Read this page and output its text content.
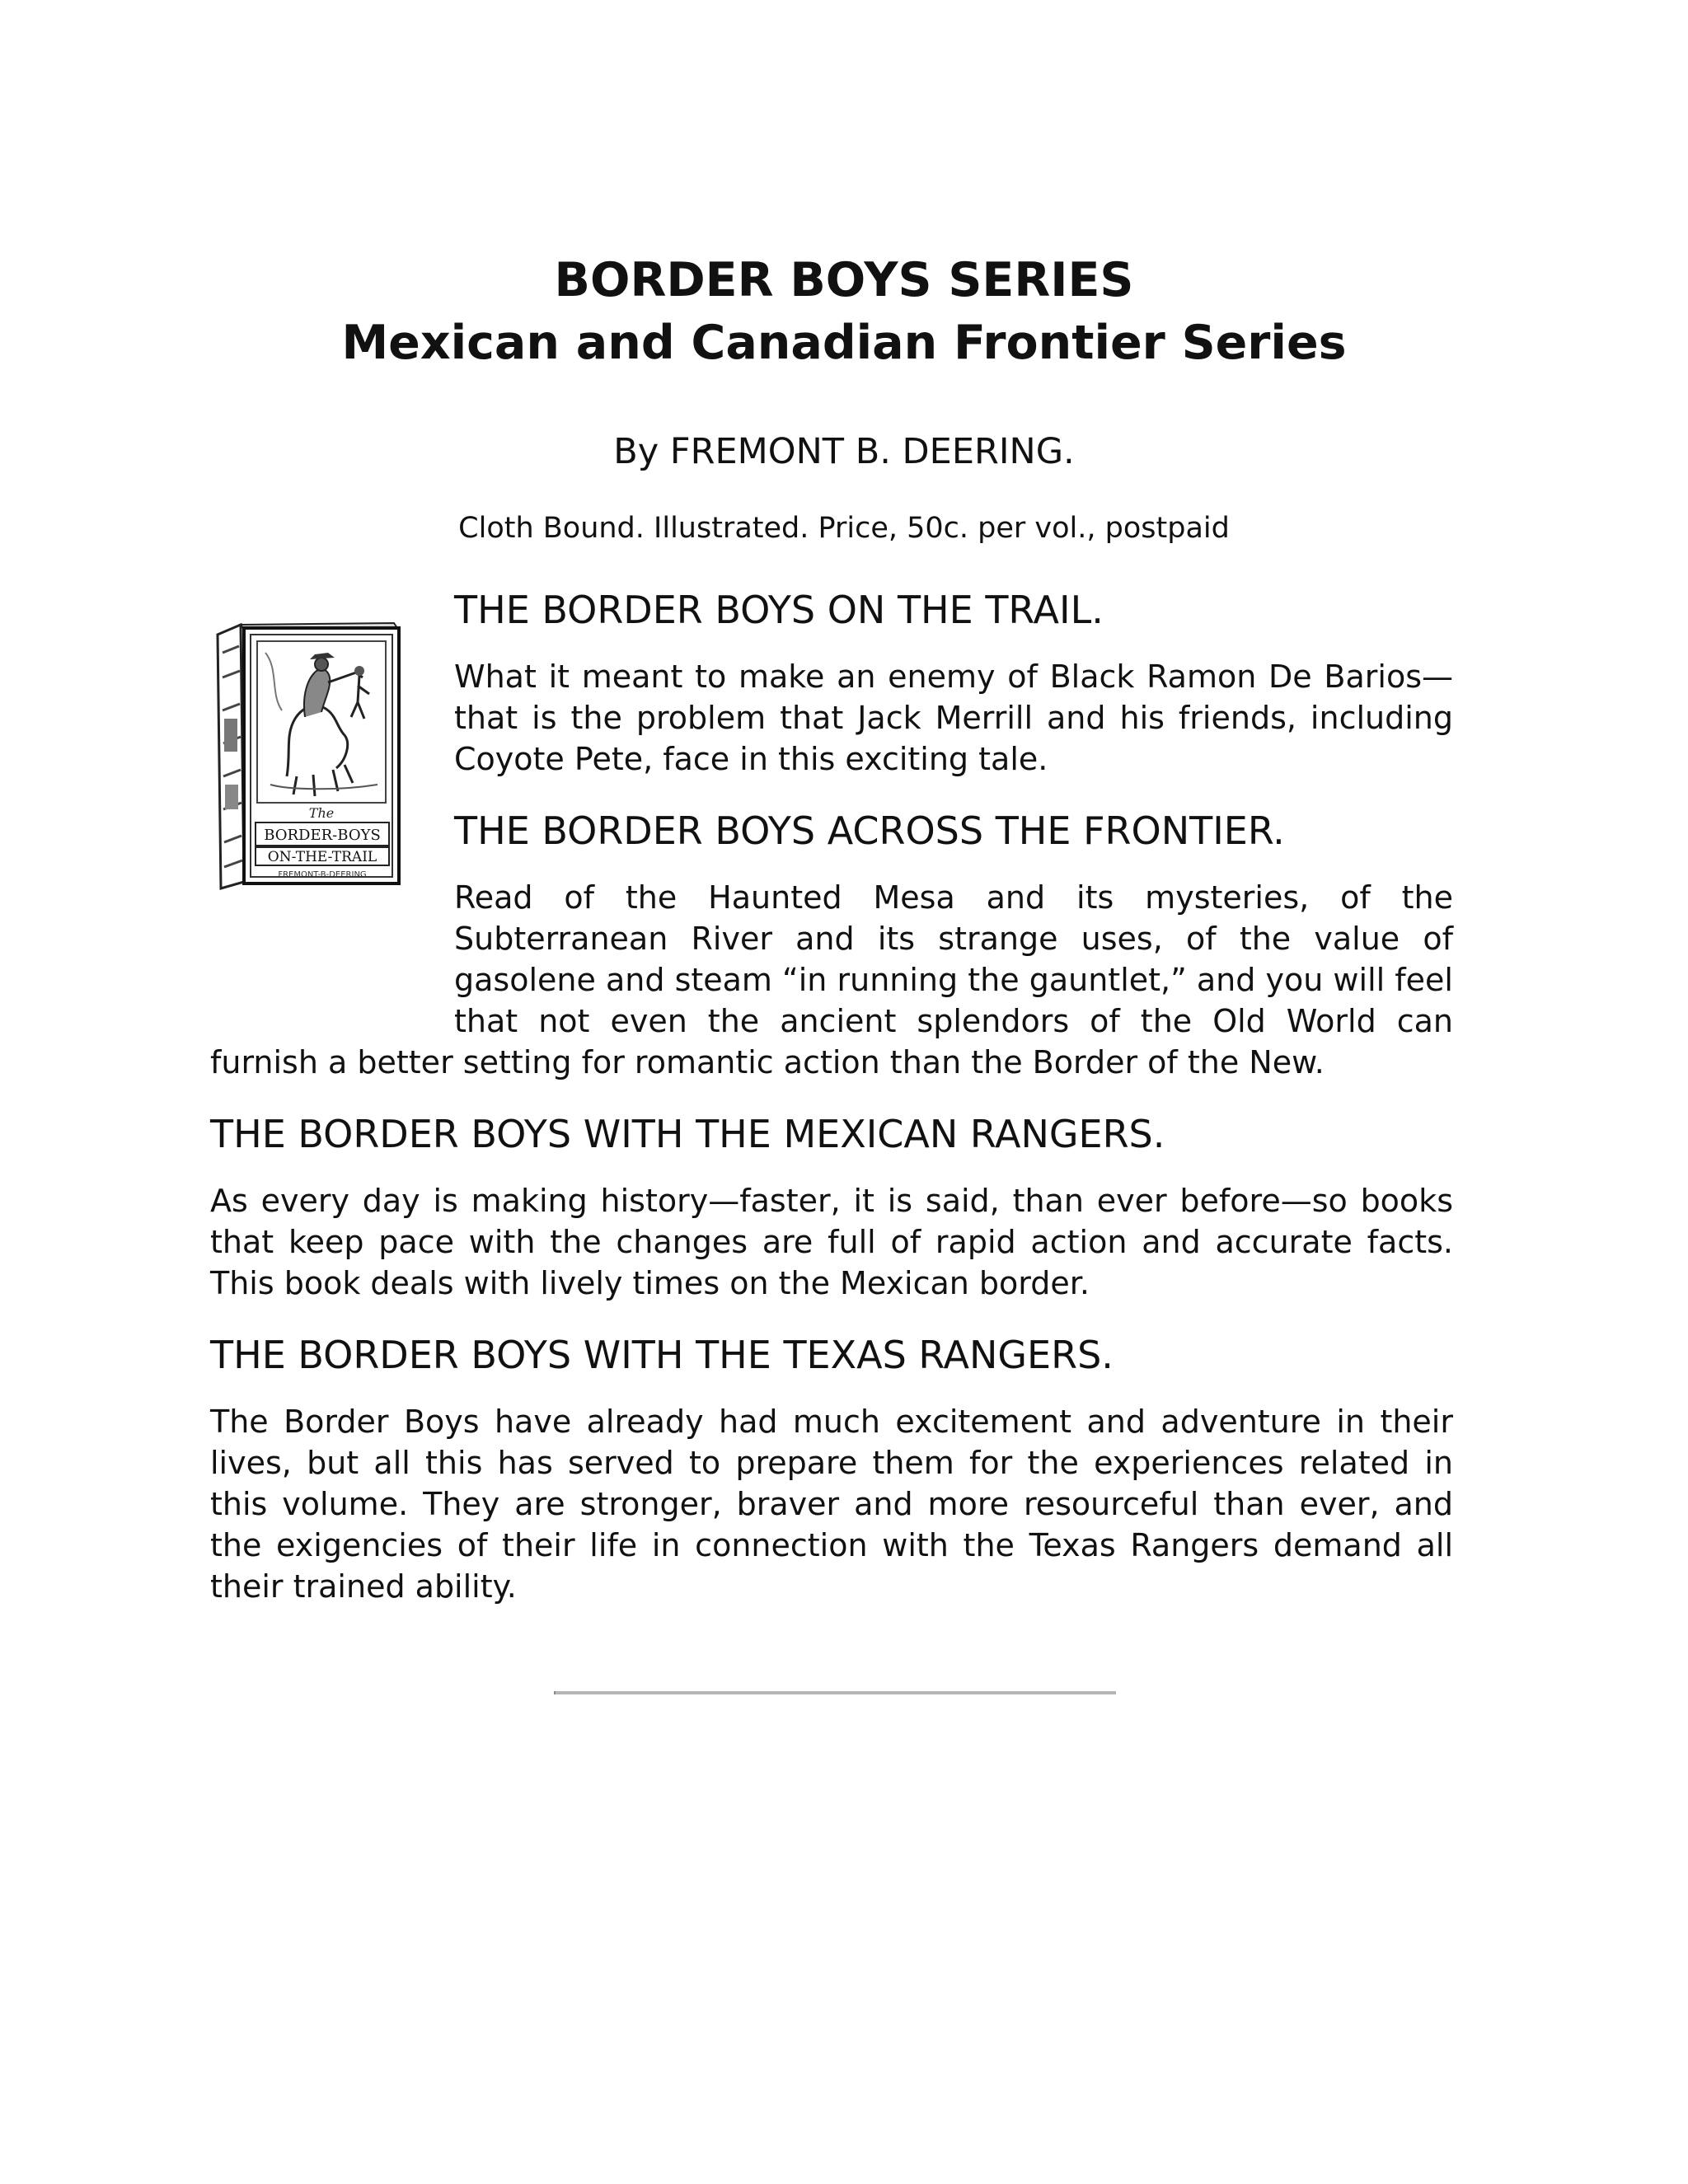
BORDER BOYS SERIES

Mexican and Canadian Frontier Series

By FREMONT B. DEERING.
Cloth Bound. Illustrated. Price, 50c. per vol., postpaid
The
BORDER-BOYS
ON-THE-TRAIL
FREMONT-B-DEERING
THE BORDER BOYS ON THE TRAIL.

What it meant to make an enemy of Black Ramon De Barios—that is the problem that Jack Merrill and his friends, including Coyote Pete, face in this exciting tale.

THE BORDER BOYS ACROSS THE FRONTIER.

Read of the Haunted Mesa and its mysteries, of the Subterranean River and its strange uses, of the value of gasolene and steam “in running the gauntlet,” and you will feel that not even the ancient splendors of the Old World can furnish a better setting for romantic action than the Border of the New.

THE BORDER BOYS WITH THE MEXICAN RANGERS.

As every day is making history—faster, it is said, than ever before—so books that keep pace with the changes are full of rapid action and accurate facts. This book deals with lively times on the Mexican border.

THE BORDER BOYS WITH THE TEXAS RANGERS.

The Border Boys have already had much excitement and adventure in their lives, but all this has served to prepare them for the experiences related in this volume. They are stronger, braver and more resourceful than ever, and the exigencies of their life in connection with the Texas Rangers demand all their trained ability.
